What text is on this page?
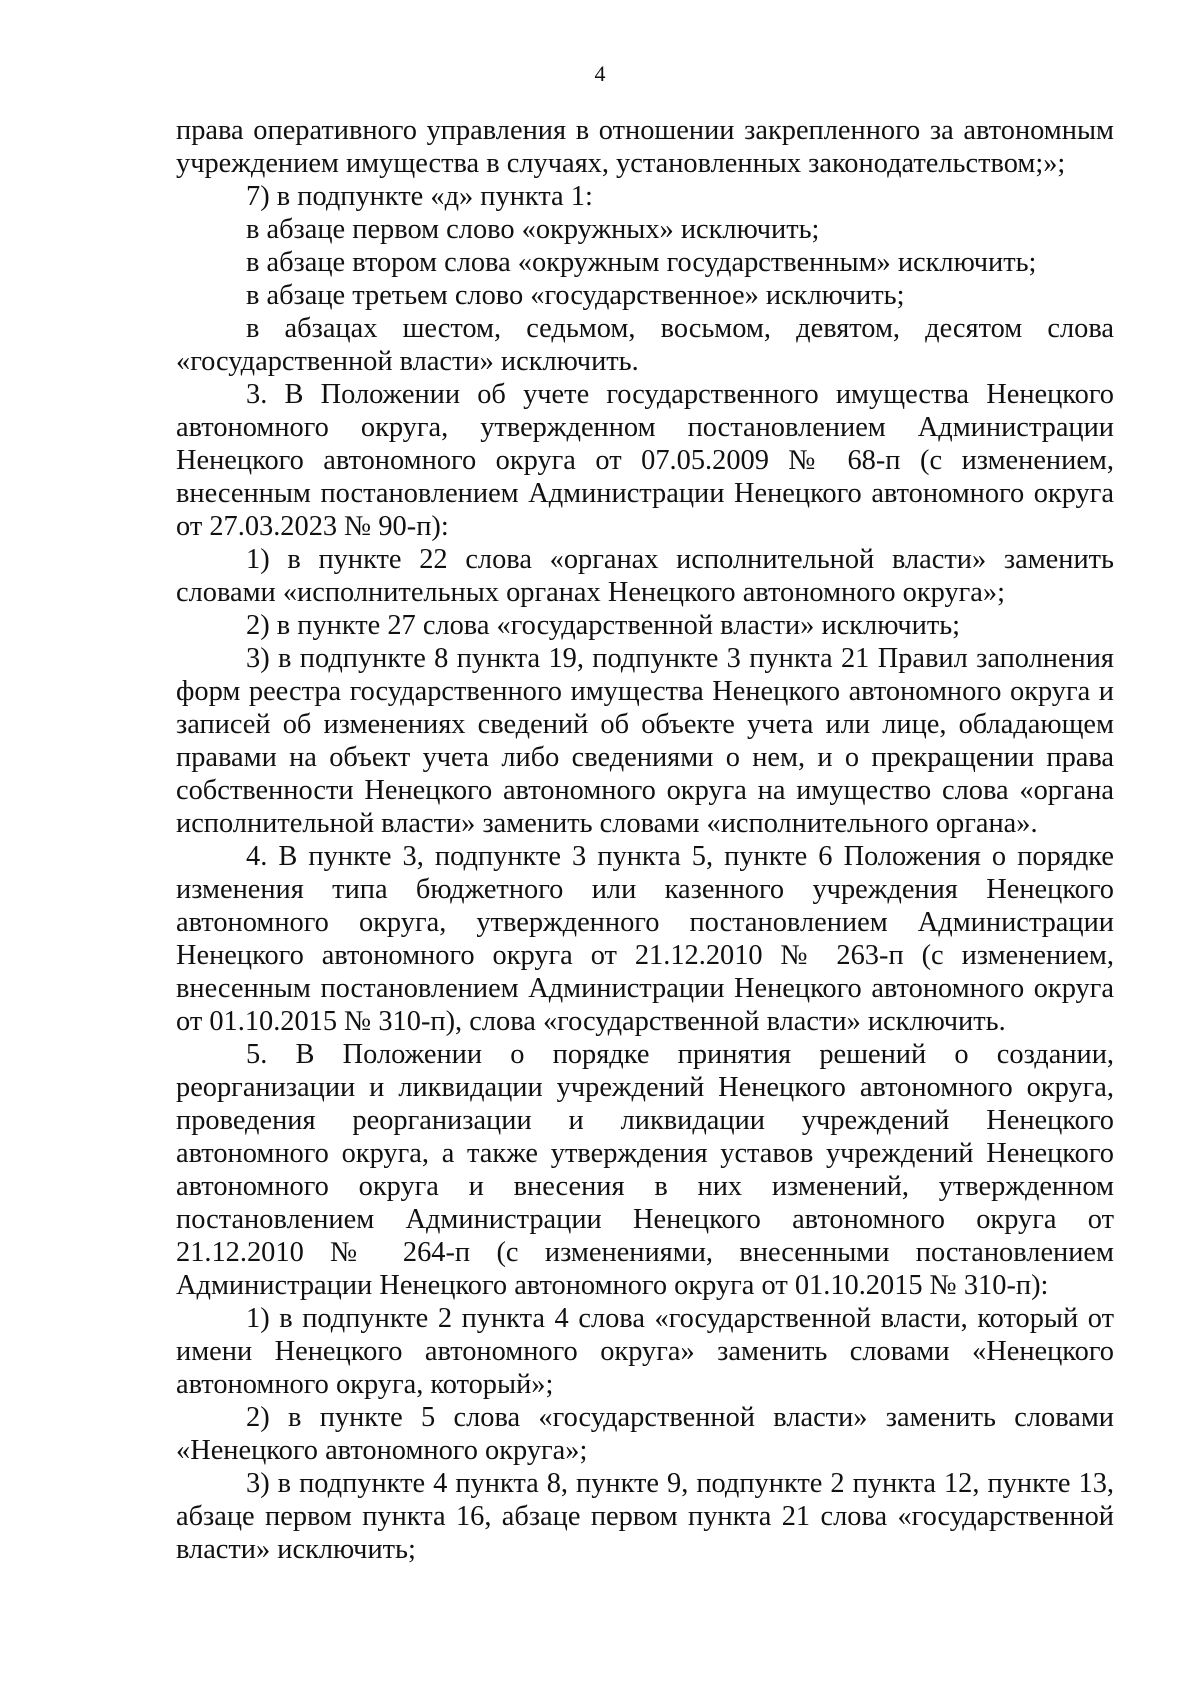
4

права оперативного управления в отношении закрепленного за автономным учреждением имущества в случаях, установленных законодательством;»;

7) в подпункте «д» пункта 1:

в абзаце первом слово «окружных» исключить;

в абзаце втором слова «окружным государственным» исключить;

в абзаце третьем слово «государственное» исключить;

в абзацах шестом, седьмом, восьмом, девятом, десятом слова «государственной власти» исключить.

3. В Положении об учете государственного имущества Ненецкого автономного округа, утвержденном постановлением Администрации Ненецкого автономного округа от 07.05.2009 № 68-п (с изменением, внесенным постановлением Администрации Ненецкого автономного округа от 27.03.2023 № 90-п):

1) в пункте 22 слова «органах исполнительной власти» заменить словами «исполнительных органах Ненецкого автономного округа»;

2) в пункте 27 слова «государственной власти» исключить;

3) в подпункте 8 пункта 19, подпункте 3 пункта 21 Правил заполнения форм реестра государственного имущества Ненецкого автономного округа и записей об изменениях сведений об объекте учета или лице, обладающем правами на объект учета либо сведениями о нем, и о прекращении права собственности Ненецкого автономного округа на имущество слова «органа исполнительной власти» заменить словами «исполнительного органа».

4. В пункте 3, подпункте 3 пункта 5, пункте 6 Положения о порядке изменения типа бюджетного или казенного учреждения Ненецкого автономного округа, утвержденного постановлением Администрации Ненецкого автономного округа от 21.12.2010 № 263-п (с изменением, внесенным постановлением Администрации Ненецкого автономного округа от 01.10.2015 № 310-п), слова «государственной власти» исключить.

5. В Положении о порядке принятия решений о создании, реорганизации и ликвидации учреждений Ненецкого автономного округа, проведения реорганизации и ликвидации учреждений Ненецкого автономного округа, а также утверждения уставов учреждений Ненецкого автономного округа и внесения в них изменений, утвержденном постановлением Администрации Ненецкого автономного округа от 21.12.2010 № 264-п (с изменениями, внесенными постановлением Администрации Ненецкого автономного округа от 01.10.2015 № 310-п):

1) в подпункте 2 пункта 4 слова «государственной власти, который от имени Ненецкого автономного округа» заменить словами «Ненецкого автономного округа, который»;

2) в пункте 5 слова «государственной власти» заменить словами «Ненецкого автономного округа»;

3) в подпункте 4 пункта 8, пункте 9, подпункте 2 пункта 12, пункте 13, абзаце первом пункта 16, абзаце первом пункта 21 слова «государственной власти» исключить;
